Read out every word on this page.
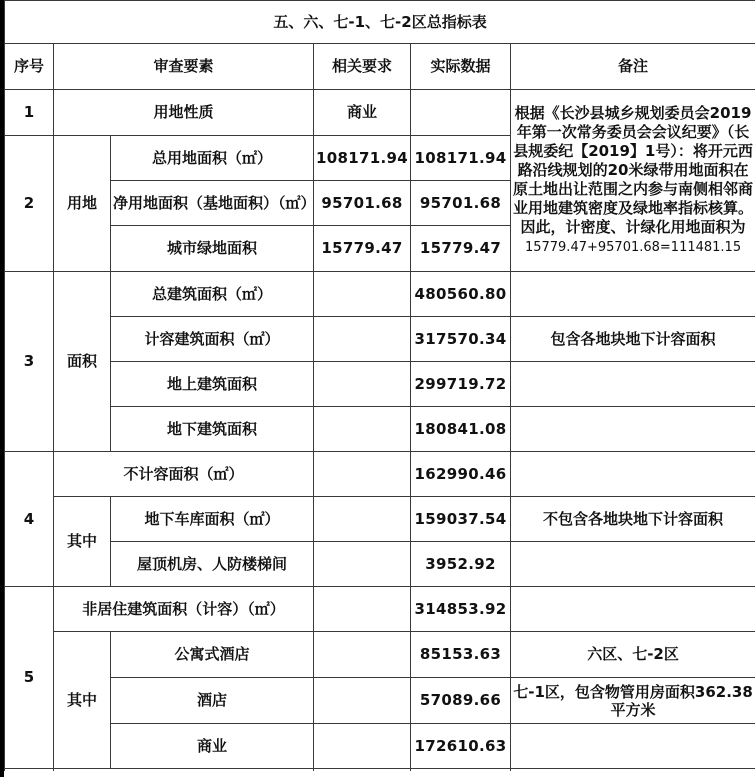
五、六、七-1、七-2区总指标表					
序号	审查要素		相关要求	实际数据	备注
1	用地性质		商业		根据《长沙县城乡规划委员会2019年第一次常务委员会会议纪要》（长县规委纪【2019】1号）：将开元西路沿线规划的20米绿带用地面积在原土地出让范围之内参与南侧相邻商业用地建筑密度及绿地率指标核算。因此，计密度、计绿化用地面积为
15779.47+95701.68=111481.15
2	用地	总用地面积（㎡）	108171.94	108171.94	
		净用地面积（基地面积）（㎡）	95701.68	95701.68	
		城市绿地面积	15779.47	15779.47	
3	面积	总建筑面积（㎡）		480560.80	
		计容建筑面积（㎡）		317570.34	包含各地块地下计容面积
		地上建筑面积		299719.72	
		地下建筑面积		180841.08	
4	不计容面积（㎡）			162990.46	
	其中	地下车库面积（㎡）		159037.54	不包含各地块地下计容面积
		屋顶机房、人防楼梯间		3952.92	
5	非居住建筑面积（计容）（㎡）			314853.92	
	其中	公寓式酒店		85153.63	六区、七-2区
		酒店		57089.66	七-1区，包含物管用房面积362.38平方米
		商业		172610.63	
